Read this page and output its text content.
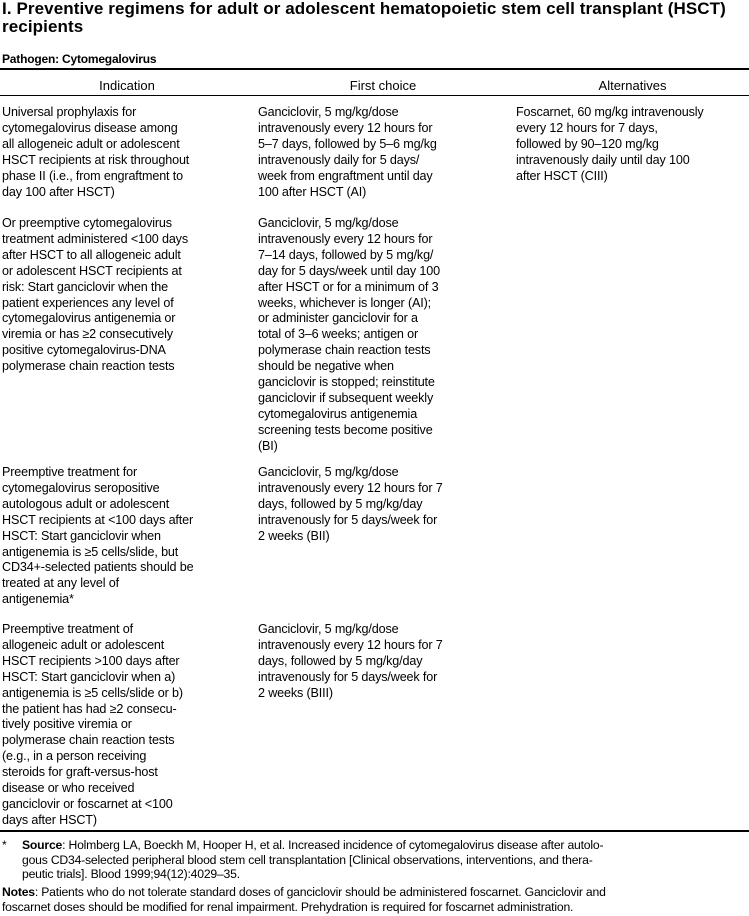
I. Preventive regimens for adult or adolescent hematopoietic stem cell transplant (HSCT) recipients
Pathogen: Cytomegalovirus
Indication	First choice	Alternatives
Universal prophylaxis for
cytomegalovirus disease among
all allogeneic adult or adolescent
HSCT recipients at risk throughout
phase II (i.e., from engraftment to
day 100 after HSCT)
Ganciclovir, 5 mg/kg/dose
intravenously every 12 hours for
5–7 days, followed by 5–6 mg/kg
intravenously daily for 5 days/
week from engraftment until day
100 after HSCT (AI)
Foscarnet, 60 mg/kg intravenously
every 12 hours for 7 days,
followed by 90–120 mg/kg
intravenously daily until day 100
after HSCT (CIII)
Or preemptive cytomegalovirus
treatment administered <100 days
after HSCT to all allogeneic adult
or adolescent HSCT recipients at
risk: Start ganciclovir when the
patient experiences any level of
cytomegalovirus antigenemia or
viremia or has ≥2 consecutively
positive cytomegalovirus-DNA
polymerase chain reaction tests
Ganciclovir, 5 mg/kg/dose
intravenously every 12 hours for
7–14 days, followed by 5 mg/kg/
day for 5 days/week until day 100
after HSCT or for a minimum of 3
weeks, whichever is longer (AI);
or administer ganciclovir for a
total of 3–6 weeks; antigen or
polymerase chain reaction tests
should be negative when
ganciclovir is stopped; reinstitute
ganciclovir if subsequent weekly
cytomegalovirus antigenemia
screening tests become positive
(BI)
Preemptive treatment for
cytomegalovirus seropositive
autologous adult or adolescent
HSCT recipients at <100 days after
HSCT: Start ganciclovir when
antigenemia is ≥5 cells/slide, but
CD34+-selected patients should be
treated at any level of
antigenemia*
Ganciclovir, 5 mg/kg/dose
intravenously every 12 hours for 7
days, followed by 5 mg/kg/day
intravenously for 5 days/week for
2 weeks (BII)
Preemptive treatment of
allogeneic adult or adolescent
HSCT recipients >100 days after
HSCT: Start ganciclovir when a)
antigenemia is ≥5 cells/slide or b)
the patient has had ≥2 consecu-
tively positive viremia or
polymerase chain reaction tests
(e.g., in a person receiving
steroids for graft-versus-host
disease or who received
ganciclovir or foscarnet at <100
days after HSCT)
Ganciclovir, 5 mg/kg/dose
intravenously every 12 hours for 7
days, followed by 5 mg/kg/day
intravenously for 5 days/week for
2 weeks (BIII)
* Source: Holmberg LA, Boeckh M, Hooper H, et al. Increased incidence of cytomegalovirus disease after autolo-
gous CD34-selected peripheral blood stem cell transplantation [Clinical observations, interventions, and thera-
peutic trials]. Blood 1999;94(12):4029–35.
Notes: Patients who do not tolerate standard doses of ganciclovir should be administered foscarnet. Ganciclovir and
foscarnet doses should be modified for renal impairment. Prehydration is required for foscarnet administration.
